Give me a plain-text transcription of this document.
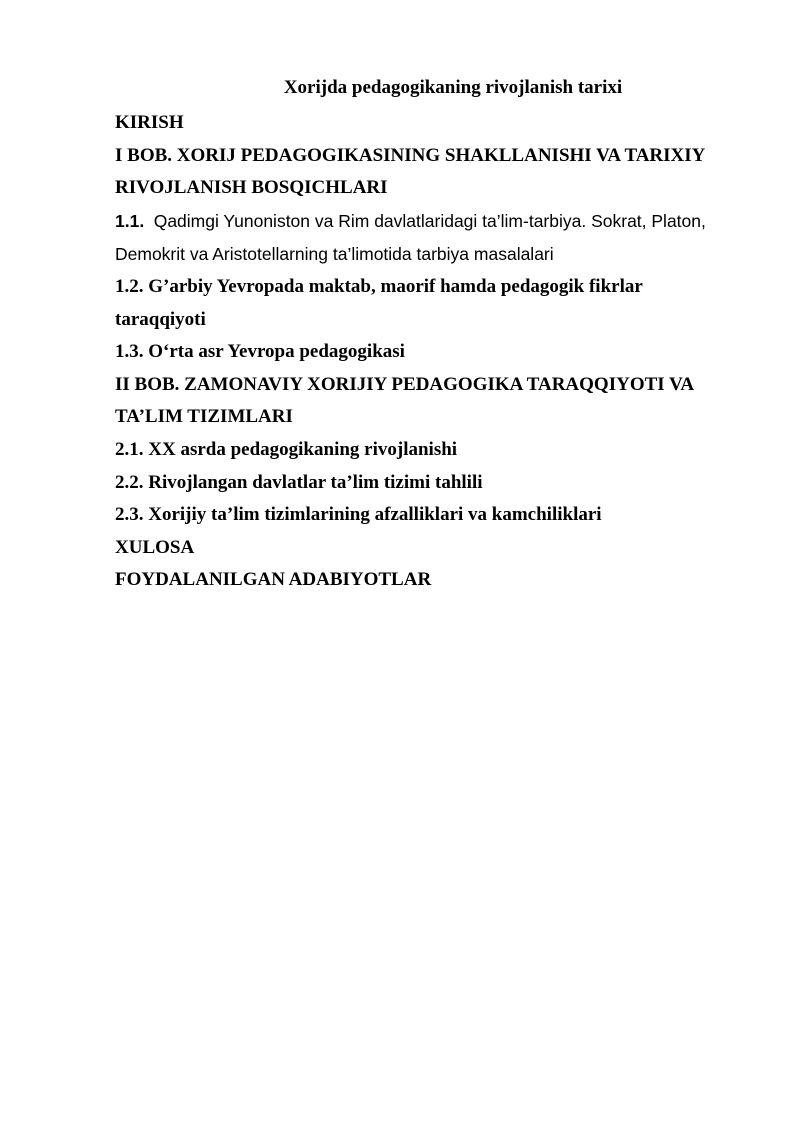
Xorijda pedagogikaning rivojlanish tarixi
KIRISH
I BOB. XORIJ PEDAGOGIKASINING SHAKLLANISHI VA TARIXIY
RIVOJLANISH BOSQICHLARI
1.1. Qadimgi Yunoniston va Rim davlatlaridagi ta’lim-tarbiya. Sokrat, Platon,
Demokrit va Aristotellarning ta’limotida tarbiya masalalari
1.2. G’arbiy Yevropada maktab, maorif hamda pedagogik fikrlar
taraqqiyoti
1.3. O‘rta asr Yevropa pedagogikasi
II BOB. ZAMONAVIY XORIJIY PEDAGOGIKA TARAQQIYOTI VA
TA’LIM TIZIMLARI
2.1. XX asrda pedagogikaning rivojlanishi
2.2. Rivojlangan davlatlar ta’lim tizimi tahlili
2.3. Xorijiy ta’lim tizimlarining afzalliklari va kamchiliklari
XULOSA
FOYDALANILGAN ADABIYOTLAR
